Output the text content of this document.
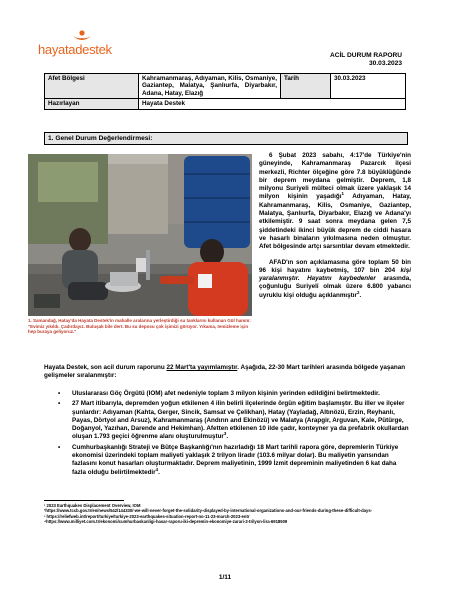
hayatadestek	ACİL DURUM RAPORU
30.03.2023
Afet Bölgesi	Kahramanmaraş, Adıyaman, Kilis, Osmaniye, Gaziantep, Malatya, Şanlıurfa, Diyarbakır, Adana, Hatay, Elazığ	Tarih	30.03.2023
Hazırlayan	Hayata Destek		
1. Genel Durum Değerlendirmesi:
1. Samandağ, Hatay'da Hayata Destek'in mahalle aralarına yerleştirdiği su tanklarını kullanan Gül hanım: "Evimiz yıkıldı. Çadırdayız. Buluşak bile dert. Bu su deposu çok işimizi görüyor. Yıkama, temizleme için hep buraya geliyoruz."

6 Şubat 2023 sabahı, 4:17'de Türkiye'nin güneyinde, Kahramanmaraş Pazarcık ilçesi merkezli, Richter ölçeğine göre 7.8 büyüklüğünde bir deprem meydana gelmiştir. Deprem, 1,8 milyonu Suriyeli mülteci olmak üzere yaklaşık 14 milyon kişinin yaşadığı$^1$ Adıyaman, Hatay, Kahramanmaraş, Kilis, Osmaniye, Gaziantep, Malatya, Şanlıurfa, Diyarbakır, Elazığ ve Adana'yı etkilemiştir. 9 saat sonra meydana gelen 7,5 şiddetindeki ikinci büyük deprem de ciddi hasara ve hasarlı binaların yıkılmasına neden olmuştur. Afet bölgesinde artçı sarsıntılar devam etmektedir.

AFAD'ın son açıklamasına göre toplam 50 bin 96 kişi hayatını kaybetmiş, 107 bin 204 kişi yaralanmıştır. Hayatını kaybedenler arasında, çoğunluğu Suriyeli olmak üzere 6.800 yabancı uyruklu kişi olduğu açıklanmıştır$^2$.

Hayata Destek, son acil durum raporunu 22 Mart'ta yayımlamıştır. Aşağıda, 22-30 Mart tarihleri arasında bölgede yaşanan gelişmeler sıralanmıştır:
• Uluslararası Göç Örgütü (IOM) afet nedeniyle toplam 3 milyon kişinin yerinden edildiğini belirtmektedir.
• 27 Mart itibarıyla, depremden yoğun etkilenen 4 ilin belirli ilçelerinde örgün eğitim başlamıştır. Bu iller ve ilçeler şunlardır: Adıyaman (Kahta, Gerger, Sincik, Samsat ve Çelikhan), Hatay (Yayladağ, Altınözü, Erzin, Reyhanlı, Payas, Dörtyol and Arsuz), Kahramanmaraş (Andırın and Ekinözü) ve Malatya (Arapgir, Arguvan, Kale, Pütürge, Doğanyol, Yazıhan, Darende and Hekimhan). Afetten etkilenen 10 ilde çadır, konteyner ya da prefabrik okullardan oluşan 1.793 geçici öğrenme alanı oluşturulmuştur$^3$.
• Cumhurbaşkanlığı Strateji ve Bütçe Başkanlığı'nın hazırladığı 18 Mart tarihli rapora göre, depremlerin Türkiye ekonomisi üzerindeki toplam maliyeti yaklaşık 2 trilyon liradır (103.6 milyar dolar). Bu maliyetin yarısından fazlasını konut hasarları oluşturmaktadır. Deprem maliyetinin, 1999 İzmit depreminin maliyetinden 6 kat daha fazla olduğu belirtilmektedir$^4$.
¹ 2023 Earthquakes Displacement Overview, IOM
²https://www.tccb.gov.tr/en/news/542/144330/-we-will-never-forget-the-solidarity-displayed-by-international-organizations-and-our-friends-during-these-difficult-days-
³ https://reliefweb.int/report/turkiye/turkiye-2023-earthquakes-situation-report-no-11-23-march-2023-entr
⁴https://www.milliyet.com.tr/ekonomi/cumhurbaskanligi-hasar-raporu-iki-depremin-ekonomiye-zarari-2-trilyon-lira-6918509
1/11
